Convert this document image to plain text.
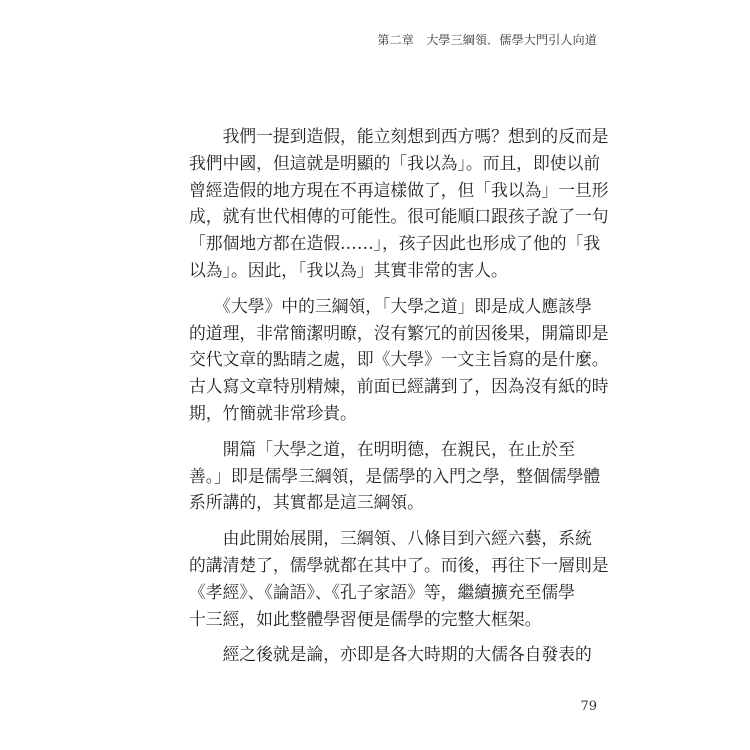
第二章　大學三綱領．儒學大門引人向道

　　我們一提到造假，能立刻想到西方嗎？想到的反而是
我們中國，但這就是明顯的「我以為」。而且，即使以前
曾經造假的地方現在不再這樣做了，但「我以為」一旦形
成，就有世代相傳的可能性。很可能順口跟孩子說了一句
「那個地方都在造假……」，孩子因此也形成了他的「我
以為」。因此，「我以為」其實非常的害人。

　　《大學》中的三綱領，「大學之道」即是成人應該學
的道理，非常簡潔明瞭，沒有繁冗的前因後果，開篇即是
交代文章的點睛之處，即《大學》一文主旨寫的是什麼。
古人寫文章特別精煉，前面已經講到了，因為沒有紙的時
期，竹簡就非常珍貴。

　　開篇「大學之道，在明明德，在親民，在止於至
善。」即是儒學三綱領，是儒學的入門之學，整個儒學體
系所講的，其實都是這三綱領。

　　由此開始展開，三綱領、八條目到六經六藝，系統
的講清楚了，儒學就都在其中了。而後，再往下一層則是
《孝經》、《論語》、《孔子家語》等，繼續擴充至儒學
十三經，如此整體學習便是儒學的完整大框架。

　　經之後就是論，亦即是各大時期的大儒各自發表的

79
